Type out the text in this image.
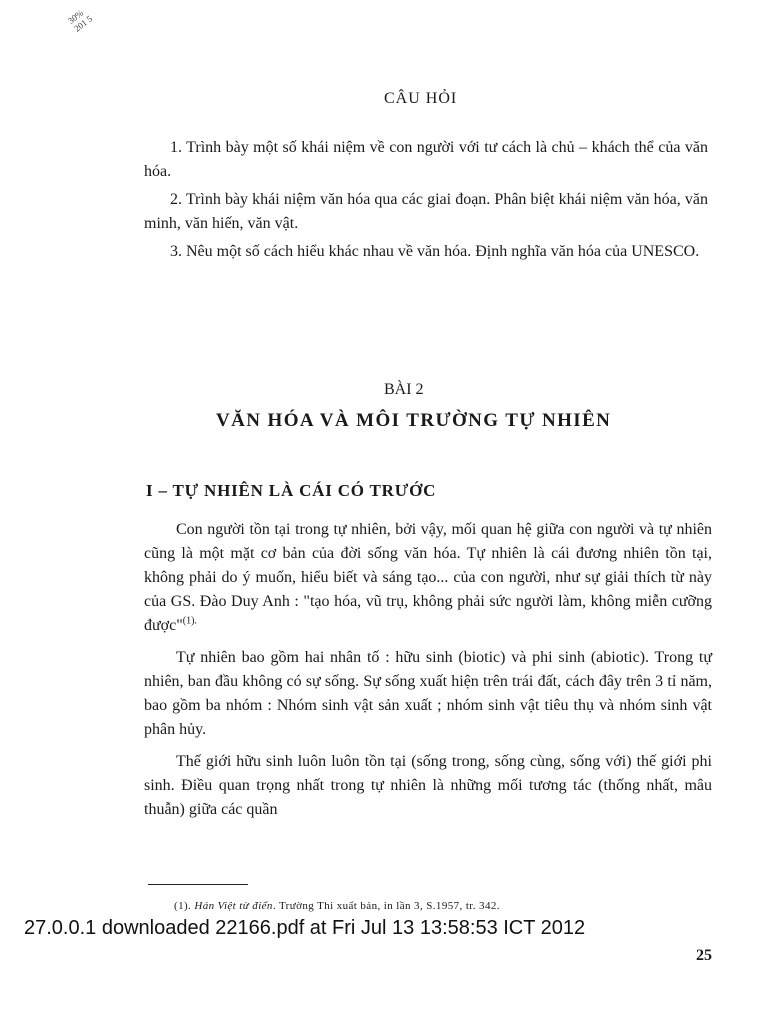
30%
201 5
CÂU HỎI

1. Trình bày một số khái niệm về con người với tư cách là chủ – khách thể của văn hóa.

2. Trình bày khái niệm văn hóa qua các giai đoạn. Phân biệt khái niệm văn hóa, văn minh, văn hiến, văn vật.

3. Nêu một số cách hiểu khác nhau về văn hóa. Định nghĩa văn hóa của UNESCO.

BÀI 2
VĂN HÓA VÀ MÔI TRƯỜNG TỰ NHIÊN
I – TỰ NHIÊN LÀ CÁI CÓ TRƯỚC

Con người tồn tại trong tự nhiên, bởi vậy, mối quan hệ giữa con người và tự nhiên cũng là một mặt cơ bản của đời sống văn hóa. Tự nhiên là cái đương nhiên tồn tại, không phải do ý muốn, hiểu biết và sáng tạo... của con người, như sự giải thích từ này của GS. Đào Duy Anh : "tạo hóa, vũ trụ, không phải sức người làm, không miễn cưỡng được"$^{(1).}$

Tự nhiên bao gồm hai nhân tố : hữu sinh (biotic) và phi sinh (abiotic). Trong tự nhiên, ban đầu không có sự sống. Sự sống xuất hiện trên trái đất, cách đây trên 3 tỉ năm, bao gồm ba nhóm : Nhóm sinh vật sản xuất ; nhóm sinh vật tiêu thụ và nhóm sinh vật phân hủy.

Thế giới hữu sinh luôn luôn tồn tại (sống trong, sống cùng, sống với) thế giới phi sinh. Điều quan trọng nhất trong tự nhiên là những mối tương tác (thống nhất, mâu thuẫn) giữa các quần

(1). Hán Việt từ điển. Trường Thi xuất bản, in lần 3, S.1957, tr. 342.
27.0.0.1 downloaded 22166.pdf at Fri Jul 13 13:58:53 ICT 2012
25
